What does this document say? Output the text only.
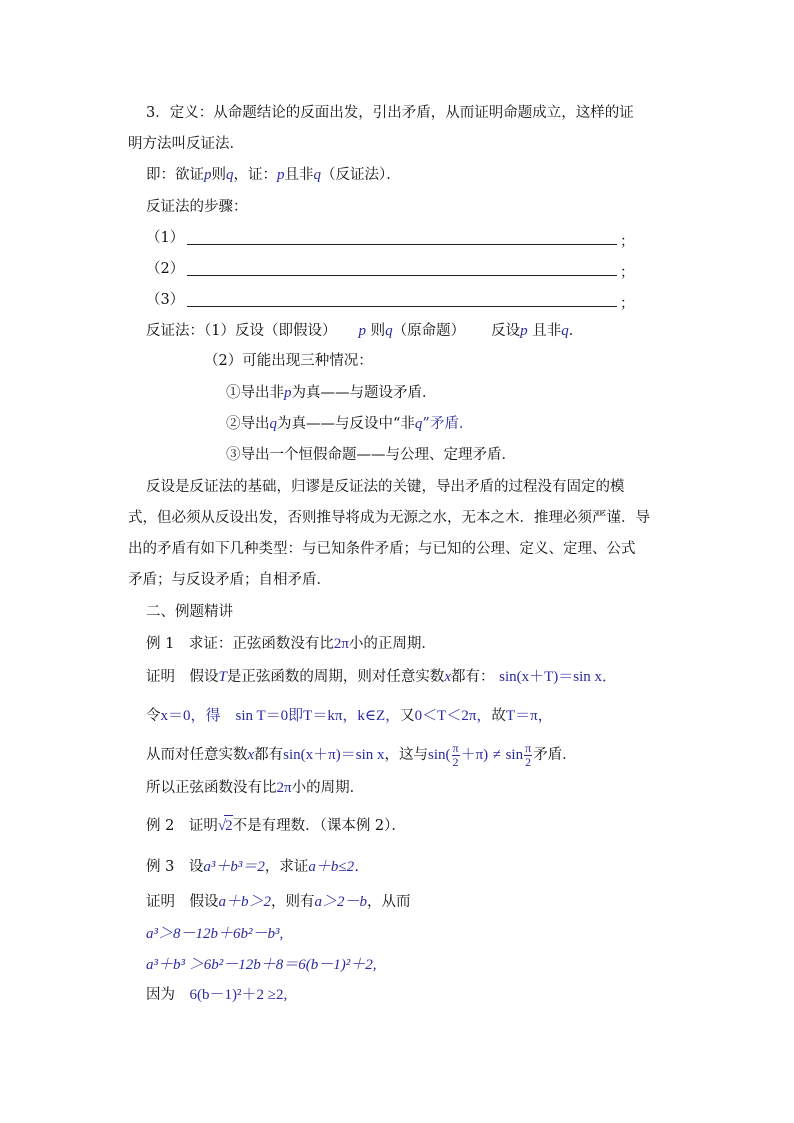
3．定义：从命题结论的反面出发，引出矛盾，从而证明命题成立，这样的证
明方法叫反证法．
即：欲证p则q，证：p且非q（反证法）．
反证法的步骤：
（1）	；
（2）	；
（3）	；
反证法：（1）反设（即假设） p 则q（原命题） 反设p 且非q．
（2）可能出现三种情况：
①导出非p为真——与题设矛盾．
②导出q为真——与反设中“非q”矛盾．
③导出一个恒假命题——与公理、定理矛盾．
反设是反证法的基础，归谬是反证法的关键，导出矛盾的过程没有固定的模
式，但必须从反设出发，否则推导将成为无源之水，无本之木．推理必须严谨．导
出的矛盾有如下几种类型：与已知条件矛盾；与已知的公理、定义、定理、公式
矛盾；与反设矛盾；自相矛盾．
二、例题精讲
例 1　求证：正弦函数没有比2π小的正周期．
证明　假设T是正弦函数的周期，则对任意实数x都有： sin(x＋T)＝sin x．
令x＝0，得　sin T＝0即T＝kπ，k∈Z，又0＜T＜2π，故T＝π，
从而对任意实数x都有sin(x＋π)＝sin x，这与$\sin( \frac{\pi}{2} +\pi) \ne \sin \frac{\pi}{2}$ 矛盾．
所以正弦函数没有比2π小的周期．
例 2　证明√2不是有理数．（课本例 2）．
例 3　设a³＋b³＝2，求证a＋b≤2．
证明　假设a＋b＞2，则有a＞2－b，从而
a³＞8－12b＋6b²－b³,
a³＋b³ ＞6b²－12b＋8＝6(b－1)²＋2,
因为　 6(b－1)²＋2 ≥2,
